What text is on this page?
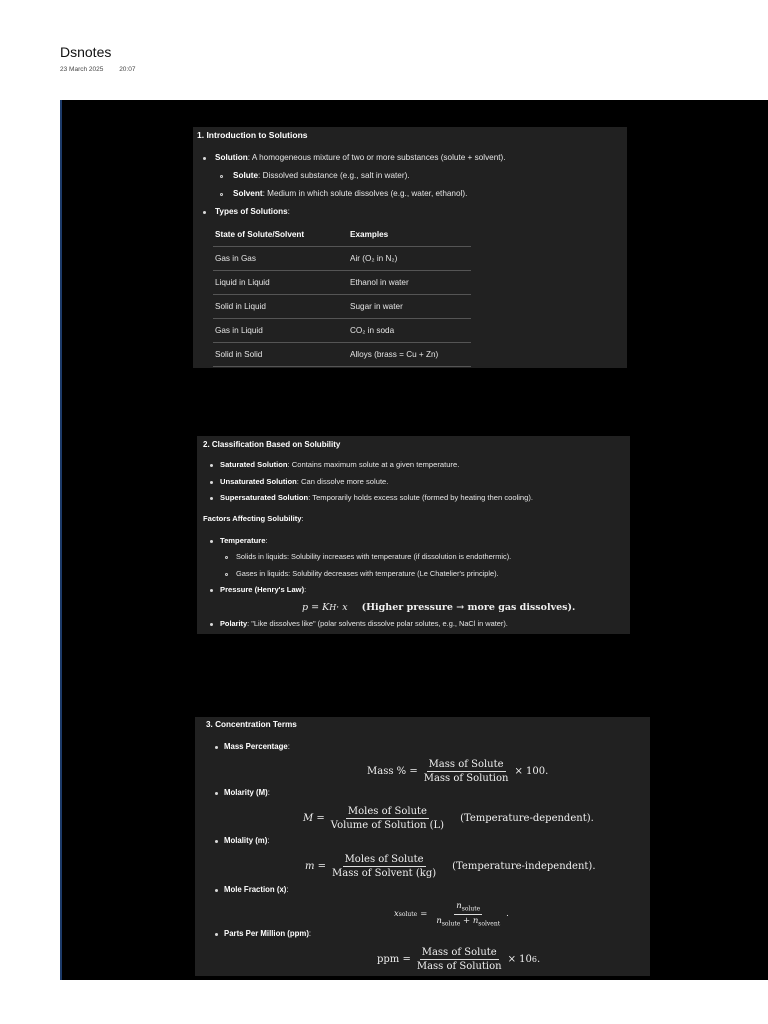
Dsnotes
23 March 2025 20:07
1. Introduction to Solutions
Solution: A homogeneous mixture of two or more substances (solute + solvent).
Solute: Dissolved substance (e.g., salt in water).
Solvent: Medium in which solute dissolves (e.g., water, ethanol).
Types of Solutions:
State of Solute/Solvent	Examples
Gas in Gas	Air (O₂ in N₂)
Liquid in Liquid	Ethanol in water
Solid in Liquid	Sugar in water
Gas in Liquid	CO₂ in soda
Solid in Solid	Alloys (brass = Cu + Zn)
2. Classification Based on Solubility
Saturated Solution: Contains maximum solute at a given temperature.
Unsaturated Solution: Can dissolve more solute.
Supersaturated Solution: Temporarily holds excess solute (formed by heating then cooling).
Factors Affecting Solubility:
Temperature:
Solids in liquids: Solubility increases with temperature (if dissolution is endothermic).
Gases in liquids: Solubility decreases with temperature (Le Chatelier's principle).
Pressure (Henry's Law):
p = K H · x (Higher pressure → more gas dissolves).
Polarity: "Like dissolves like" (polar solvents dissolve polar solutes, e.g., NaCl in water).
3. Concentration Terms
Mass Percentage:
Mass % = $\frac{\text{Mass of Solute}}{\text{Mass of Solution}} \times 100$.
Molarity (M):
$M = \frac{\text{Moles of Solute}}{\text{Volume of Solution (L)}}$ (Temperature-dependent).
Molality (m):
$m = \frac{\text{Moles of Solute}}{\text{Mass of Solvent (kg)}}$ (Temperature-independent).
Mole Fraction (x):
x solute = $\frac{n_{solute}}{n_{solute} + n_{solvent}}$ .
Parts Per Million (ppm):
ppm = $\frac{\text{Mass of Solute}}{\text{Mass of Solution}} \times 10$ 6 .
